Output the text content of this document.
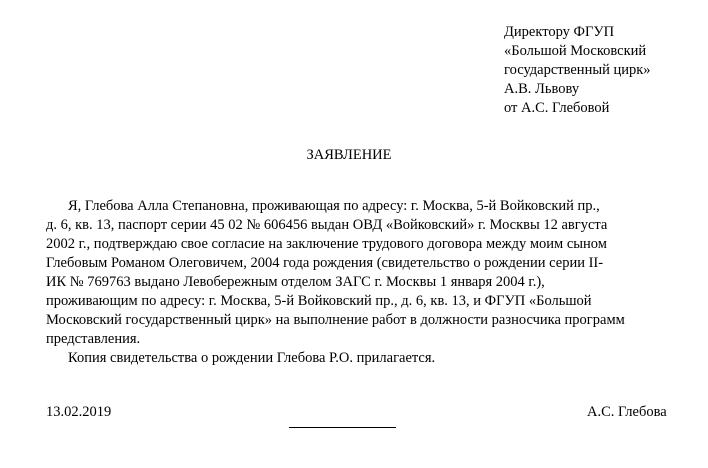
Директору ФГУП
«Большой Московский
государственный цирк»
А.В. Львову
от А.С. Глебовой
ЗАЯВЛЕНИЕ
Я, Глебова Алла Степановна, проживающая по адресу: г. Москва, 5-й Войковский пр.,
д. 6, кв. 13, паспорт серии 45 02 № 606456 выдан ОВД «Войковский» г. Москвы 12 августа
2002 г., подтверждаю свое согласие на заключение трудового договора между моим сыном
Глебовым Романом Олеговичем, 2004 года рождения (свидетельство о рождении серии II-
ИК № 769763 выдано Левобережным отделом ЗАГС г. Москвы 1 января 2004 г.),
проживающим по адресу: г. Москва, 5-й Войковский пр., д. 6, кв. 13, и ФГУП «Большой
Московский государственный цирк» на выполнение работ в должности разносчика программ
представления.
Копия свидетельства о рождении Глебова Р.О. прилагается.
13.02.2019	А.С. Глебова
